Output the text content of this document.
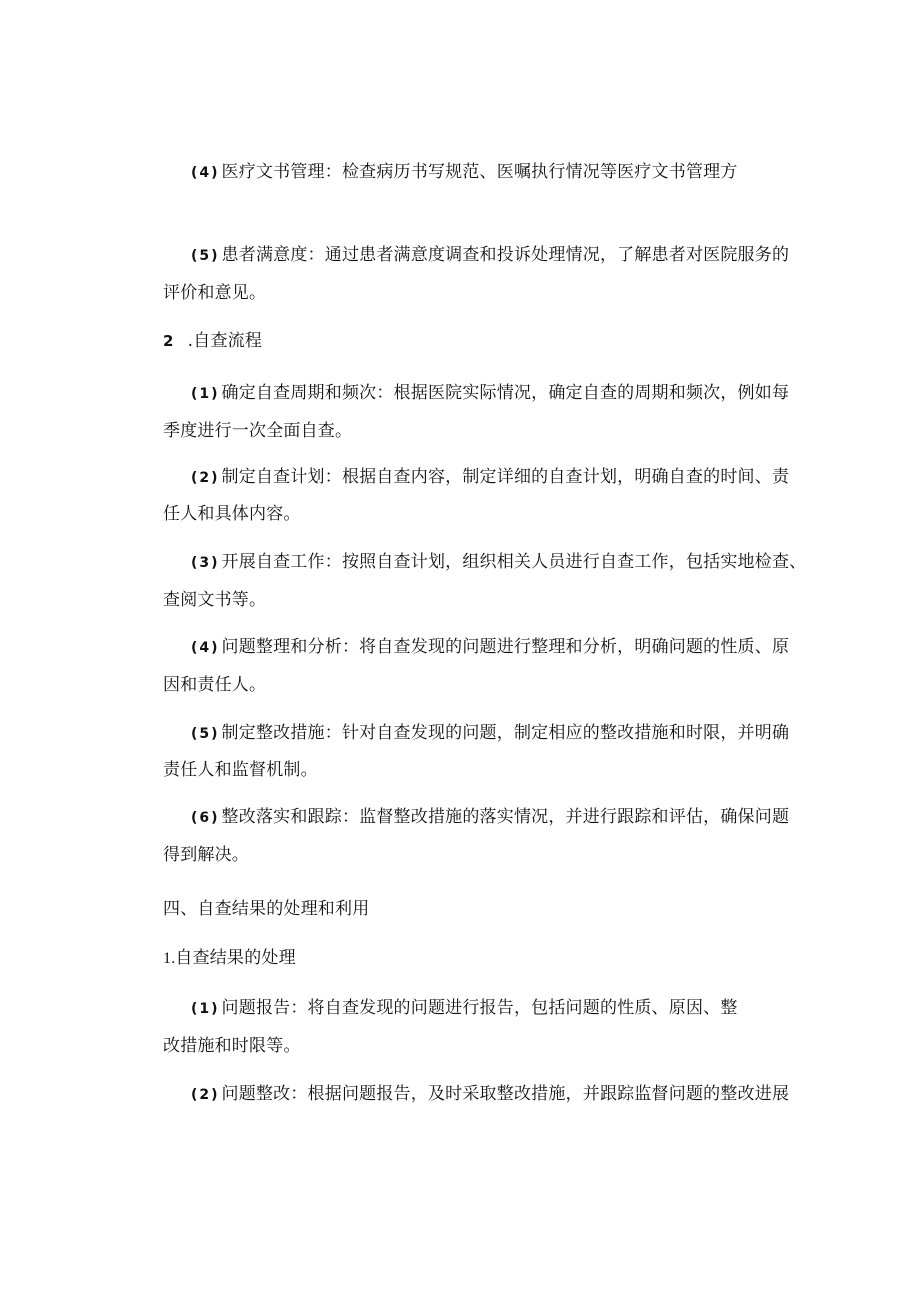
(4) 医疗文书管理：检查病历书写规范、医嘱执行情况等医疗文书管理方
(5) 患者满意度：通过患者满意度调查和投诉处理情况，了解患者对医院服务的
评价和意见。
2 .自查流程
(1) 确定自查周期和频次：根据医院实际情况，确定自查的周期和频次，例如每
季度进行一次全面自查。
(2) 制定自查计划：根据自查内容，制定详细的自查计划，明确自查的时间、责
任人和具体内容。
(3) 开展自查工作：按照自查计划，组织相关人员进行自查工作，包括实地检查、
查阅文书等。
(4) 问题整理和分析：将自查发现的问题进行整理和分析，明确问题的性质、原
因和责任人。
(5) 制定整改措施：针对自查发现的问题，制定相应的整改措施和时限，并明确
责任人和监督机制。
(6) 整改落实和跟踪：监督整改措施的落实情况，并进行跟踪和评估，确保问题
得到解决。
四、自查结果的处理和利用
1.自查结果的处理
(1) 问题报告：将自查发现的问题进行报告，包括问题的性质、原因、整
改措施和时限等。
(2) 问题整改：根据问题报告，及时采取整改措施，并跟踪监督问题的整改进展
